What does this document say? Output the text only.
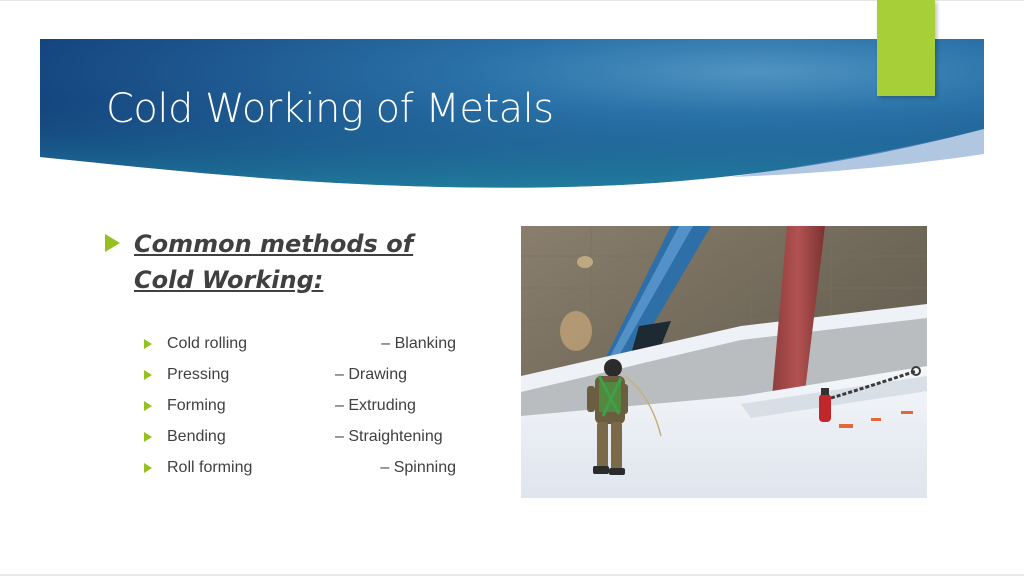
Cold Working of Metals
Common methods of Cold Working:
Cold rolling	– Blanking
Pressing	– Drawing
Forming	– Extruding
Bending	– Straightening
Roll forming	– Spinning
